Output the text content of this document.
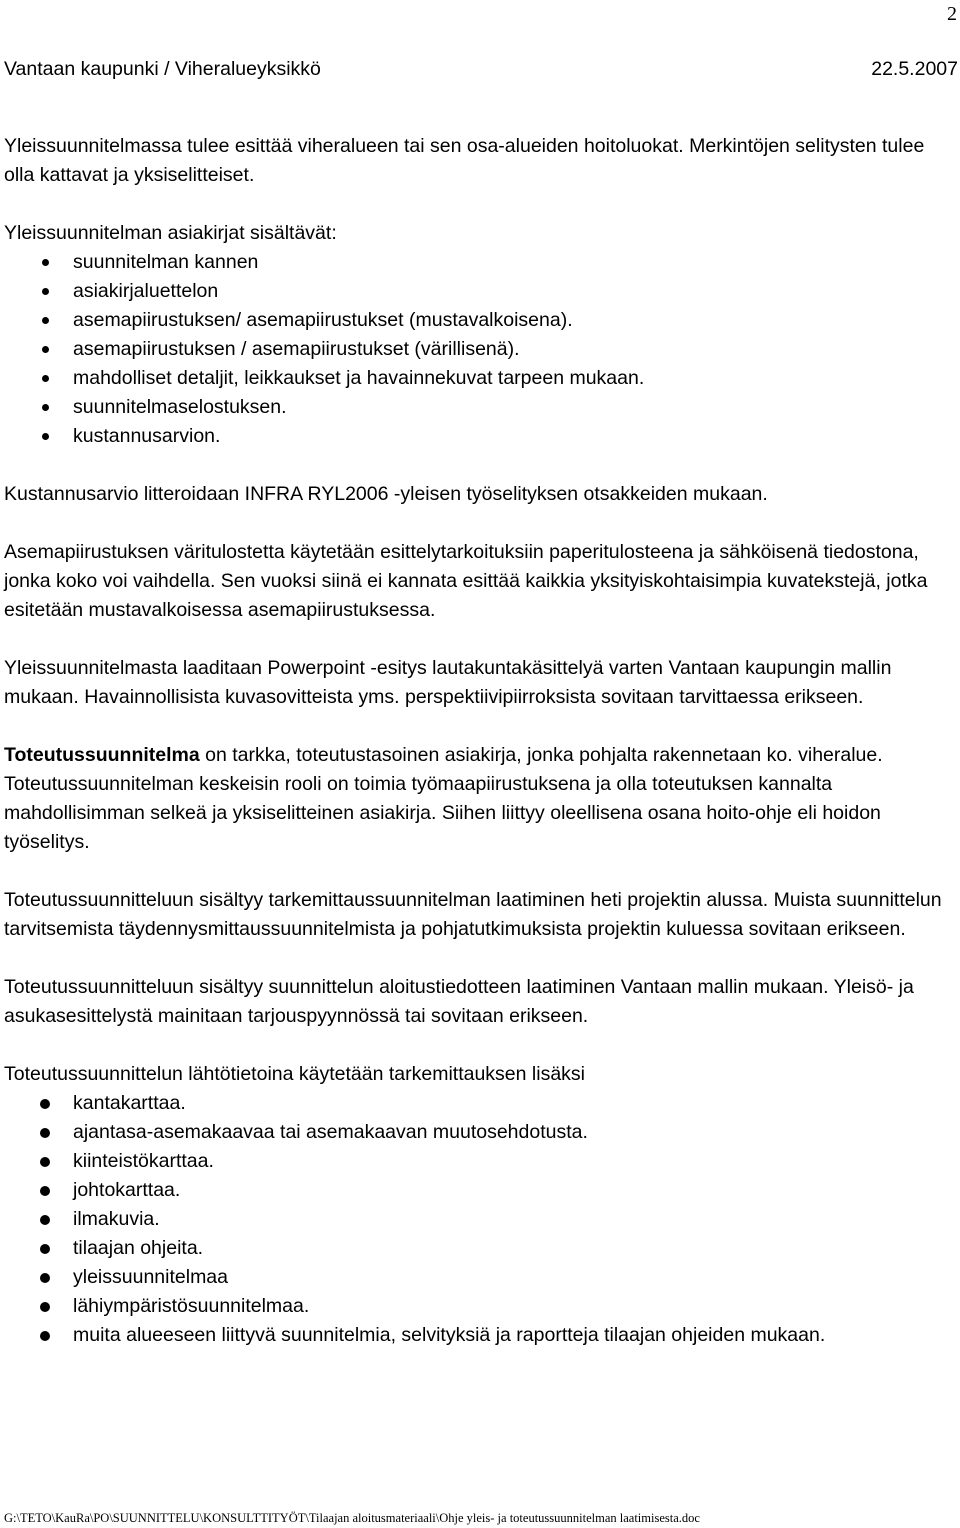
2
Vantaan kaupunki / Viheralueyksikkö	22.5.2007

Yleissuunnitelmassa tulee esittää viheralueen tai sen osa-alueiden hoitoluokat. Merkintöjen selitysten tulee olla kattavat ja yksiselitteiset.

Yleissuunnitelman asiakirjat sisältävät:

suunnitelman kannen
asiakirjaluettelon
asemapiirustuksen/ asemapiirustukset (mustavalkoisena).
asemapiirustuksen / asemapiirustukset (värillisenä).
mahdolliset detaljit, leikkaukset ja havainnekuvat tarpeen mukaan.
suunnitelmaselostuksen.
kustannusarvion.

Kustannusarvio litteroidaan INFRA RYL2006 -yleisen työselityksen otsakkeiden mukaan.

Asemapiirustuksen väritulostetta käytetään esittelytarkoituksiin paperitulosteena ja sähköisenä tiedostona, jonka koko voi vaihdella. Sen vuoksi siinä ei kannata esittää kaikkia yksityiskohtaisimpia kuvatekstejä, jotka esitetään mustavalkoisessa asemapiirustuksessa.

Yleissuunnitelmasta laaditaan Powerpoint -esitys lautakuntakäsittelyä varten Vantaan kaupungin mallin mukaan. Havainnollisista kuvasovitteista yms. perspektiivipiirroksista sovitaan tarvittaessa erikseen.

Toteutussuunnitelma on tarkka, toteutustasoinen asiakirja, jonka pohjalta rakennetaan ko. viheralue. Toteutussuunnitelman keskeisin rooli on toimia työmaapiirustuksena ja olla toteutuksen kannalta mahdollisimman selkeä ja yksiselitteinen asiakirja. Siihen liittyy oleellisena osana hoito-ohje eli hoidon työselitys.

Toteutussuunnitteluun sisältyy tarkemittaussuunnitelman laatiminen heti projektin alussa. Muista suunnittelun tarvitsemista täydennysmittaussuunnitelmista ja pohjatutkimuksista projektin kuluessa sovitaan erikseen.

Toteutussuunnitteluun sisältyy suunnittelun aloitustiedotteen laatiminen Vantaan mallin mukaan. Yleisö- ja asukasesittelystä mainitaan tarjouspyynnössä tai sovitaan erikseen.

Toteutussuunnittelun lähtötietoina käytetään tarkemittauksen lisäksi

kantakarttaa.
ajantasa-asemakaavaa tai asemakaavan muutosehdotusta.
kiinteistökarttaa.
johtokarttaa.
ilmakuvia.
tilaajan ohjeita.
yleissuunnitelmaa
lähiympäristösuunnitelmaa.
muita alueeseen liittyvä suunnitelmia, selvityksiä ja raportteja tilaajan ohjeiden mukaan.
G:\TETO\KauRa\PO\SUUNNITTELU\KONSULTTITYÖT\Tilaajan aloitusmateriaali\Ohje yleis- ja toteutussuunnitelman laatimisesta.doc
